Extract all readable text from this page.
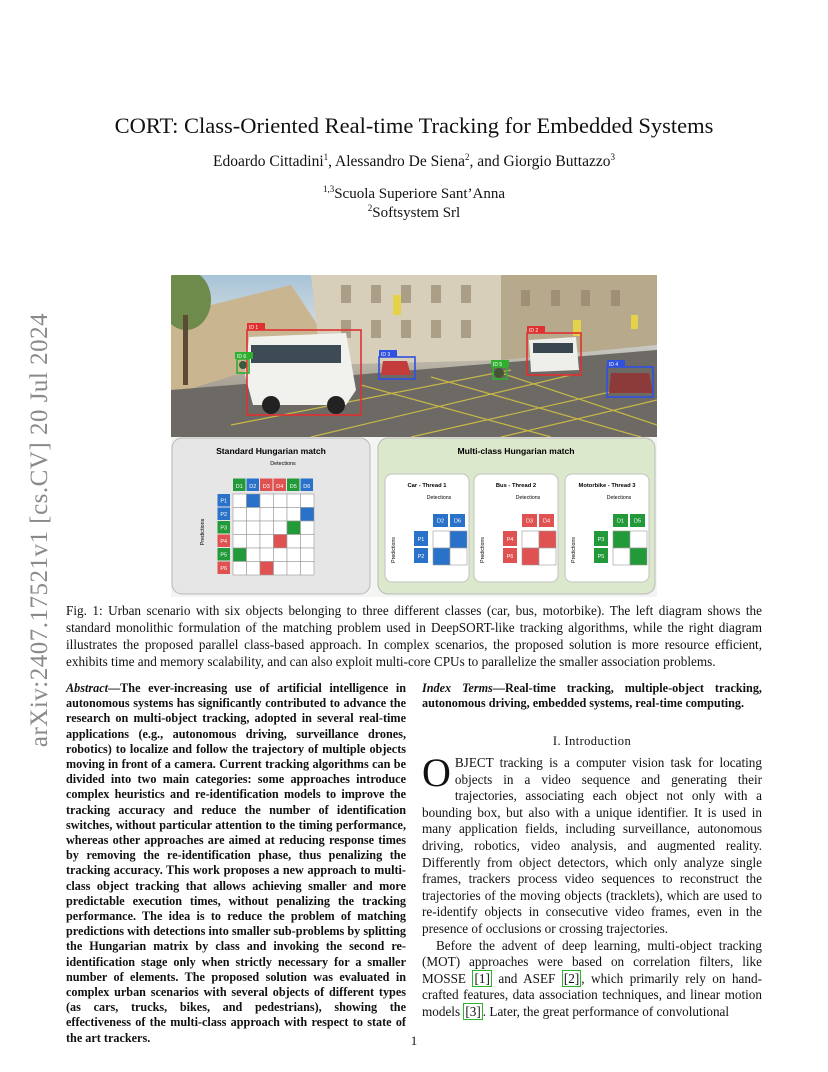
arXiv:2407.17521v1 [cs.CV] 20 Jul 2024
CORT: Class-Oriented Real-time Tracking for Embedded Systems
Edoardo Cittadini$^1$, Alessandro De Siena$^2$, and Giorgio Buttazzo$^3$
$^{1,3}$Scuola Superiore Sant’Anna
$^2$Softsystem Srl
ID 1	ID 2
ID 3
ID 4
ID 5
ID 6
Standard Hungarian match
Detections
Predictions
D1 D2 D3 D4 D5 D6
P1
P2
P3
P4
P5
P6
Multi-class Hungarian match
Car - Thread 1
Detections
Predictions
D2 D6
P1
P2
Bus - Thread 2
Detections
Predictions
D3 D4
P4
P6
Motorbike - Thread 3
Detections
Predictions
D1 D5
P3
P5
Fig. 1: Urban scenario with six objects belonging to three different classes (car, bus, motorbike). The left diagram shows the standard monolithic formulation of the matching problem used in DeepSORT-like tracking algorithms, while the right diagram illustrates the proposed parallel class-based approach. In complex scenarios, the proposed solution is more resource efficient, exhibits time and memory scalability, and can also exploit multi-core CPUs to parallelize the smaller association problems.
Abstract—The ever-increasing use of artificial intelligence in autonomous systems has significantly contributed to advance the research on multi-object tracking, adopted in several real-time applications (e.g., autonomous driving, surveillance drones, robotics) to localize and follow the trajectory of multiple objects moving in front of a camera. Current tracking algorithms can be divided into two main categories: some approaches introduce complex heuristics and re-identification models to improve the tracking accuracy and reduce the number of identification switches, without particular attention to the timing performance, whereas other approaches are aimed at reducing response times by removing the re-identification phase, thus penalizing the tracking accuracy. This work proposes a new approach to multi-class object tracking that allows achieving smaller and more predictable execution times, without penalizing the tracking performance. The idea is to reduce the problem of matching predictions with detections into smaller sub-problems by splitting the Hungarian matrix by class and invoking the second re-identification stage only when strictly necessary for a smaller number of elements. The proposed solution was evaluated in complex urban scenarios with several objects of different types (as cars, trucks, bikes, and pedestrians), showing the effectiveness of the multi-class approach with respect to state of the art trackers.
Index Terms—Real-time tracking, multiple-object tracking, autonomous driving, embedded systems, real-time computing.
I. Introduction

OBJECT tracking is a computer vision task for locating objects in a video sequence and generating their trajectories, associating each object not only with a bounding box, but also with a unique identifier. It is used in many application fields, including surveillance, autonomous driving, robotics, video analysis, and augmented reality. Differently from object detectors, which only analyze single frames, trackers process video sequences to reconstruct the trajectories of the moving objects (tracklets), which are used to re-identify objects in consecutive video frames, even in the presence of occlusions or crossing trajectories.

Before the advent of deep learning, multi-object tracking (MOT) approaches were based on correlation filters, like MOSSE [1] and ASEF [2] , which primarily rely on hand-crafted features, data association techniques, and linear motion models [3] . Later, the great performance of convolutional

1
